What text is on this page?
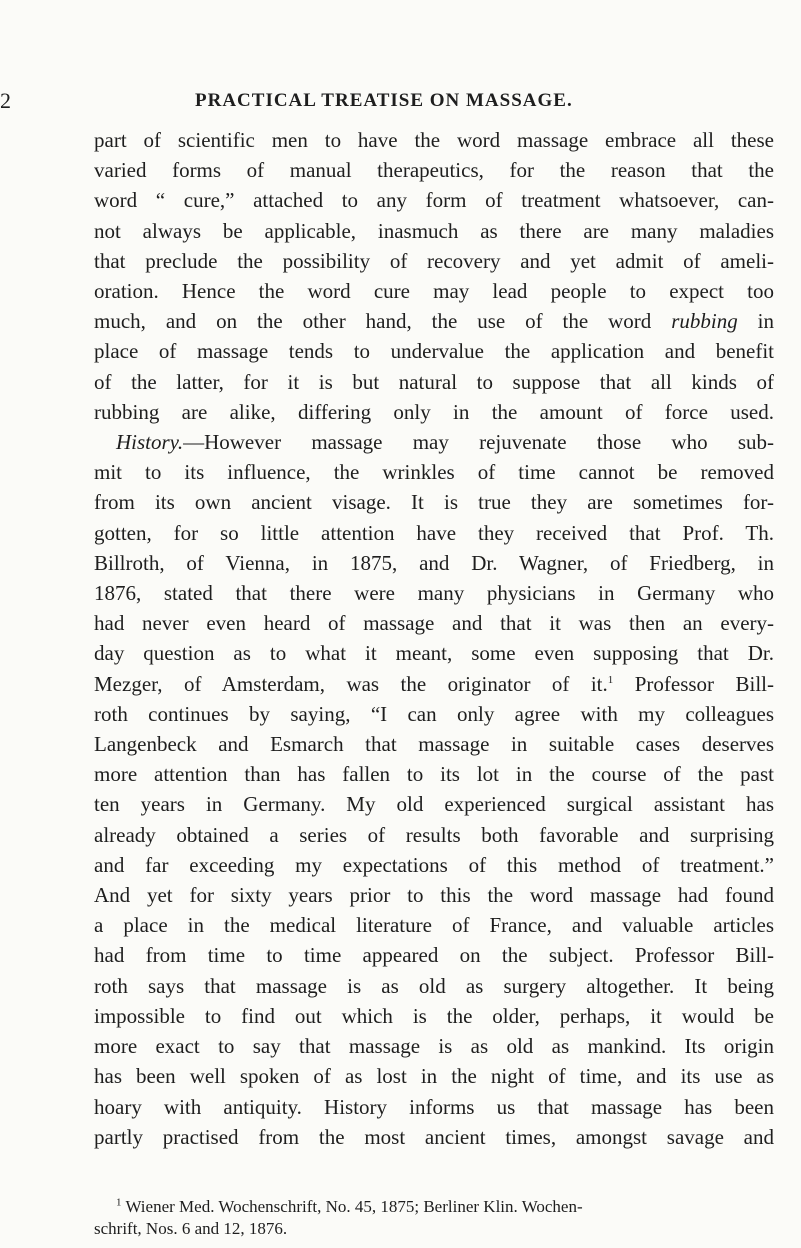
2	PRACTICAL TREATISE ON MASSAGE.
part of scientific men to have the word massage embrace all these
varied forms of manual therapeutics, for the reason that the
word “ cure,” attached to any form of treatment whatsoever, can-
not always be applicable, inasmuch as there are many maladies
that preclude the possibility of recovery and yet admit of ameli-
oration. Hence the word cure may lead people to expect too
much, and on the other hand, the use of the word rubbing in
place of massage tends to undervalue the application and benefit
of the latter, for it is but natural to suppose that all kinds of
rubbing are alike, differing only in the amount of force used.
History.—However massage may rejuvenate those who sub-
mit to its influence, the wrinkles of time cannot be removed
from its own ancient visage. It is true they are sometimes for-
gotten, for so little attention have they received that Prof. Th.
Billroth, of Vienna, in 1875, and Dr. Wagner, of Friedberg, in
1876, stated that there were many physicians in Germany who
had never even heard of massage and that it was then an every-
day question as to what it meant, some even supposing that Dr.
Mezger, of Amsterdam, was the originator of it.$^1$ Professor Bill-
roth continues by saying, “I can only agree with my colleagues
Langenbeck and Esmarch that massage in suitable cases deserves
more attention than has fallen to its lot in the course of the past
ten years in Germany. My old experienced surgical assistant has
already obtained a series of results both favorable and surprising
and far exceeding my expectations of this method of treatment.”
And yet for sixty years prior to this the word massage had found
a place in the medical literature of France, and valuable articles
had from time to time appeared on the subject. Professor Bill-
roth says that massage is as old as surgery altogether. It being
impossible to find out which is the older, perhaps, it would be
more exact to say that massage is as old as mankind. Its origin
has been well spoken of as lost in the night of time, and its use as
hoary with antiquity. History informs us that massage has been
partly practised from the most ancient times, amongst savage and
$^1$ Wiener Med. Wochenschrift, No. 45, 1875; Berliner Klin. Wochen-
schrift, Nos. 6 and 12, 1876.
